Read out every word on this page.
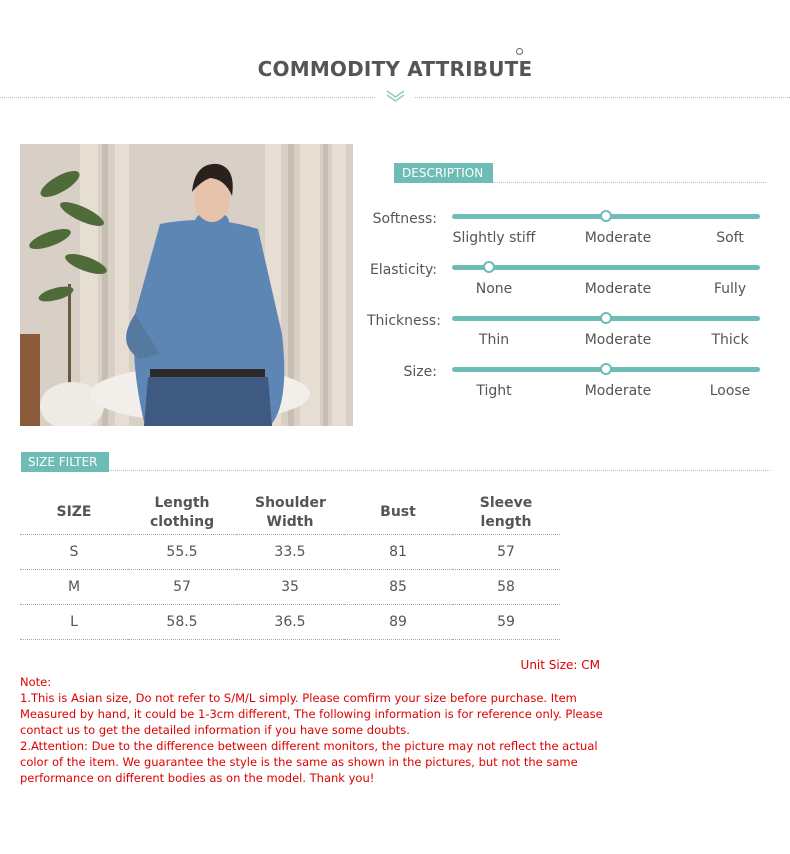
COMMODITY ATTRIBUTE
DESCRIPTION
Softness:
Slightly stiff	Moderate	Soft
Elasticity:
None	Moderate	Fully
Thickness:
Thin	Moderate	Thick
Size:
Tight	Moderate	Loose
SIZE FILTER
SIZE	Length clothing	Shoulder Width	Bust	Sleeve length
S	55.5	33.5	81	57
M	57	35	85	58
L	58.5	36.5	89	59
Unit Size: CM
Note:
1.This is Asian size, Do not refer to S/M/L simply. Please comfirm your size before purchase. Item Measured by hand, it could be 1-3cm different, The following information is for reference only. Please contact us to get the detailed information if you have some doubts.
2.Attention: Due to the difference between different monitors, the picture may not reflect the actual color of the item. We guarantee the style is the same as shown in the pictures, but not the same performance on different bodies as on the model. Thank you!
